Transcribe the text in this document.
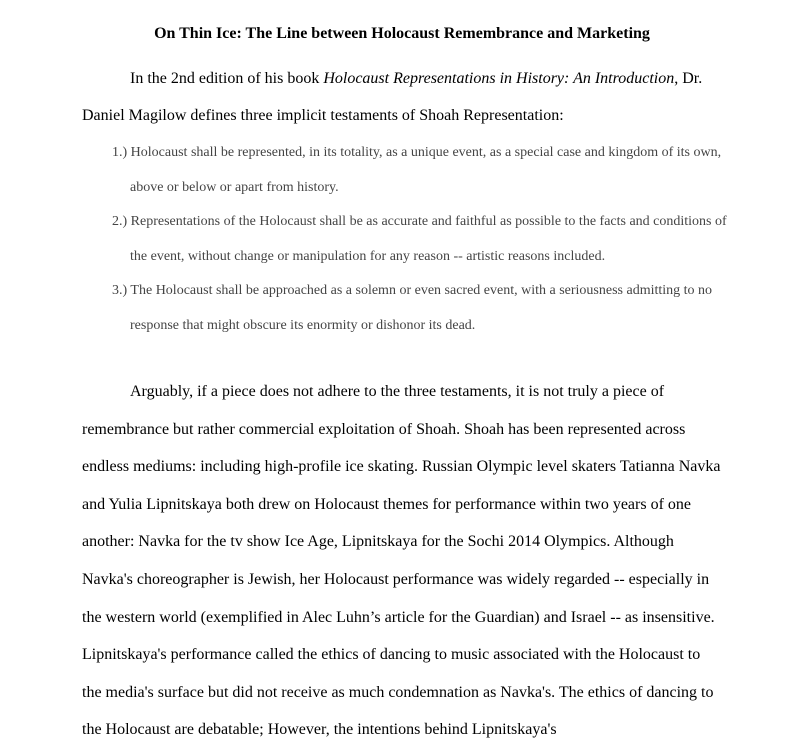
On Thin Ice: The Line between Holocaust Remembrance and Marketing

In the 2nd edition of his book Holocaust Representations in History: An Introduction, Dr. Daniel Magilow defines three implicit testaments of Shoah Representation:

1.) Holocaust shall be represented, in its totality, as a unique event, as a special case and kingdom of its own, above or below or apart from history.
2.) Representations of the Holocaust shall be as accurate and faithful as possible to the facts and conditions of the event, without change or manipulation for any reason -- artistic reasons included.
3.) The Holocaust shall be approached as a solemn or even sacred event, with a seriousness admitting to no response that might obscure its enormity or dishonor its dead.

Arguably, if a piece does not adhere to the three testaments, it is not truly a piece of remembrance but rather commercial exploitation of Shoah. Shoah has been represented across endless mediums: including high-profile ice skating. Russian Olympic level skaters Tatianna Navka and Yulia Lipnitskaya both drew on Holocaust themes for performance within two years of one another: Navka for the tv show Ice Age, Lipnitskaya for the Sochi 2014 Olympics. Although Navka's choreographer is Jewish, her Holocaust performance was widely regarded -- especially in the western world (exemplified in Alec Luhn’s article for the Guardian) and Israel -- as insensitive. Lipnitskaya's performance called the ethics of dancing to music associated with the Holocaust to the media's surface but did not receive as much condemnation as Navka's. The ethics of dancing to the Holocaust are debatable; However, the intentions behind Lipnitskaya's
